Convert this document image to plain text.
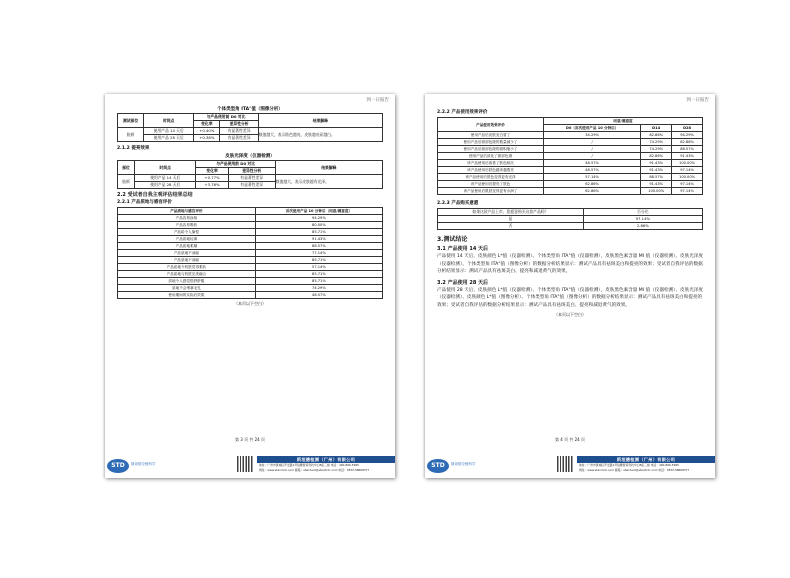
到一日报告
个体类型角 ITA°值（图像分析）
测试部位	时间点	与产品使用前 D0 对比		结果解释
		变化率	差异性分析	
脸颊	使用产品 14 天后	+0.40%	有显著性差异	数值越大，表示肤色越亮，皮肤越亮而越白。
	使用产品 28 天后	+0.38%	有显著性差异	
2.1.2 提亮效果
皮肤光泽度（仪器检测）
部位	时间点	与产品使用前 D0 对比		结果解释
		变化率	差异性分析	
脸颊	使用产品 14 天后	+0.77%	有显著性差异	数值越大，表示皮肤越有光泽。
	使用产品 28 天后	+3.76%	有显著性差异	
2.2 受试者自我主观评估结果总结
2.2.1 产品质地与感官评价
产品质地与感官评价	首次使用产品 10 分钟后（同意/满意度）
产品容易涂抹	94.29%
产品容易吸收	80.00%
产品给令人愉悦	85.71%
产品质地轻薄	91.43%
产品质地柔顺	88.57%
产品质地不油腻	77.14%
产品质地不油腻	85.71%
产品质地令机肤觉得柔软	57.14%
产品质地与机肤完美融合	85.71%
质地令人感觉很舒舒服	85.71%
质地不会堵塞毛孔	74.29%
使用期间的实际后效果	48.57%
（本页以下空白）
第 3 页 共 24 页
STD	斯坦德全链科学
斯坦德检测（广州）有限公司
地址：广州市黄埔区开发路1号信腾智造科技中心B座三楼 电话：400-806-5995
网址：www.standrdc.com 邮箱：standard@standrdc.com 电话：0532-58668377
到一日报告
2.2.2 产品使用效果评价
产品使用效果评价	同意/满意度		
	D0（首次使用产品 10 分钟后）	D14	D28
使用产品后皮肤变白皙了	34.29%	82.86%	94.29%
使用产品后面部色斑的数量减少了	/	74.29%	82.86%
使用产品后面部色斑的面积缩小了	/	74.29%	88.57%
使用产品后淡化了面部色斑	/	82.86%	91.43%
该产品使用后改善了肤色暗沉	48.57%	91.43%	100.00%
该产品使用后肤色越来越透亮	48.57%	91.43%	97.14%
该产品使用后肤色变得更有光泽	57.14%	88.57%	100.00%
该产品使用后提亮了肤色	62.86%	91.43%	97.14%
该产品使用后肌肤变得更有水润了	62.86%	100.00%	97.14%
2.2.3 产品购买意愿
如果这款产品上市，您愿意购买这款产品吗？	百分比
是	97.14%
否	2.86%
3.测试结论
3.1 产品使用 14 天后

产品使用 14 天后，皮肤颜色 L*值（仪器检测）、个体类型角 ITA°值（仪器检测），皮肤黑色素含量 MI 值（仪器检测）、皮肤光泽度（仪器检测）、个体类型角 ITA°值（图像分析）的数据分析结果显示：测试产品具有祛斑美白和提亮的效果；受试者自我评估的数据分析结果显示：测试产品具有祛斑美白、提亮和减退黄气的效果。

3.2 产品使用 28 天后

产品使用 28 天后，皮肤颜色 L*值（仪器检测）、个体类型角 ITA°值（仪器检测），皮肤黑色素含量 MI 值（仪器检测）、皮肤光泽度（仪器检测）、皮肤颜色 L*值（图像分析）、个体类型角 ITA°值（图像分析）的数据分析结果显示：测试产品具有祛斑美白和提亮的效果；受试者自我评估的数据分析结果显示：测试产品具有祛斑美白、提亮和减退黄气的效果。

（本页以下空白）
第 4 页 共 24 页
STD	斯坦德全链科学
斯坦德检测（广州）有限公司
地址：广州市黄埔区开发路1号信腾智造科技中心B座三楼 电话：400-806-5995
网址：www.standrdc.com 邮箱：standard@standrdc.com 电话：0532-58668377
